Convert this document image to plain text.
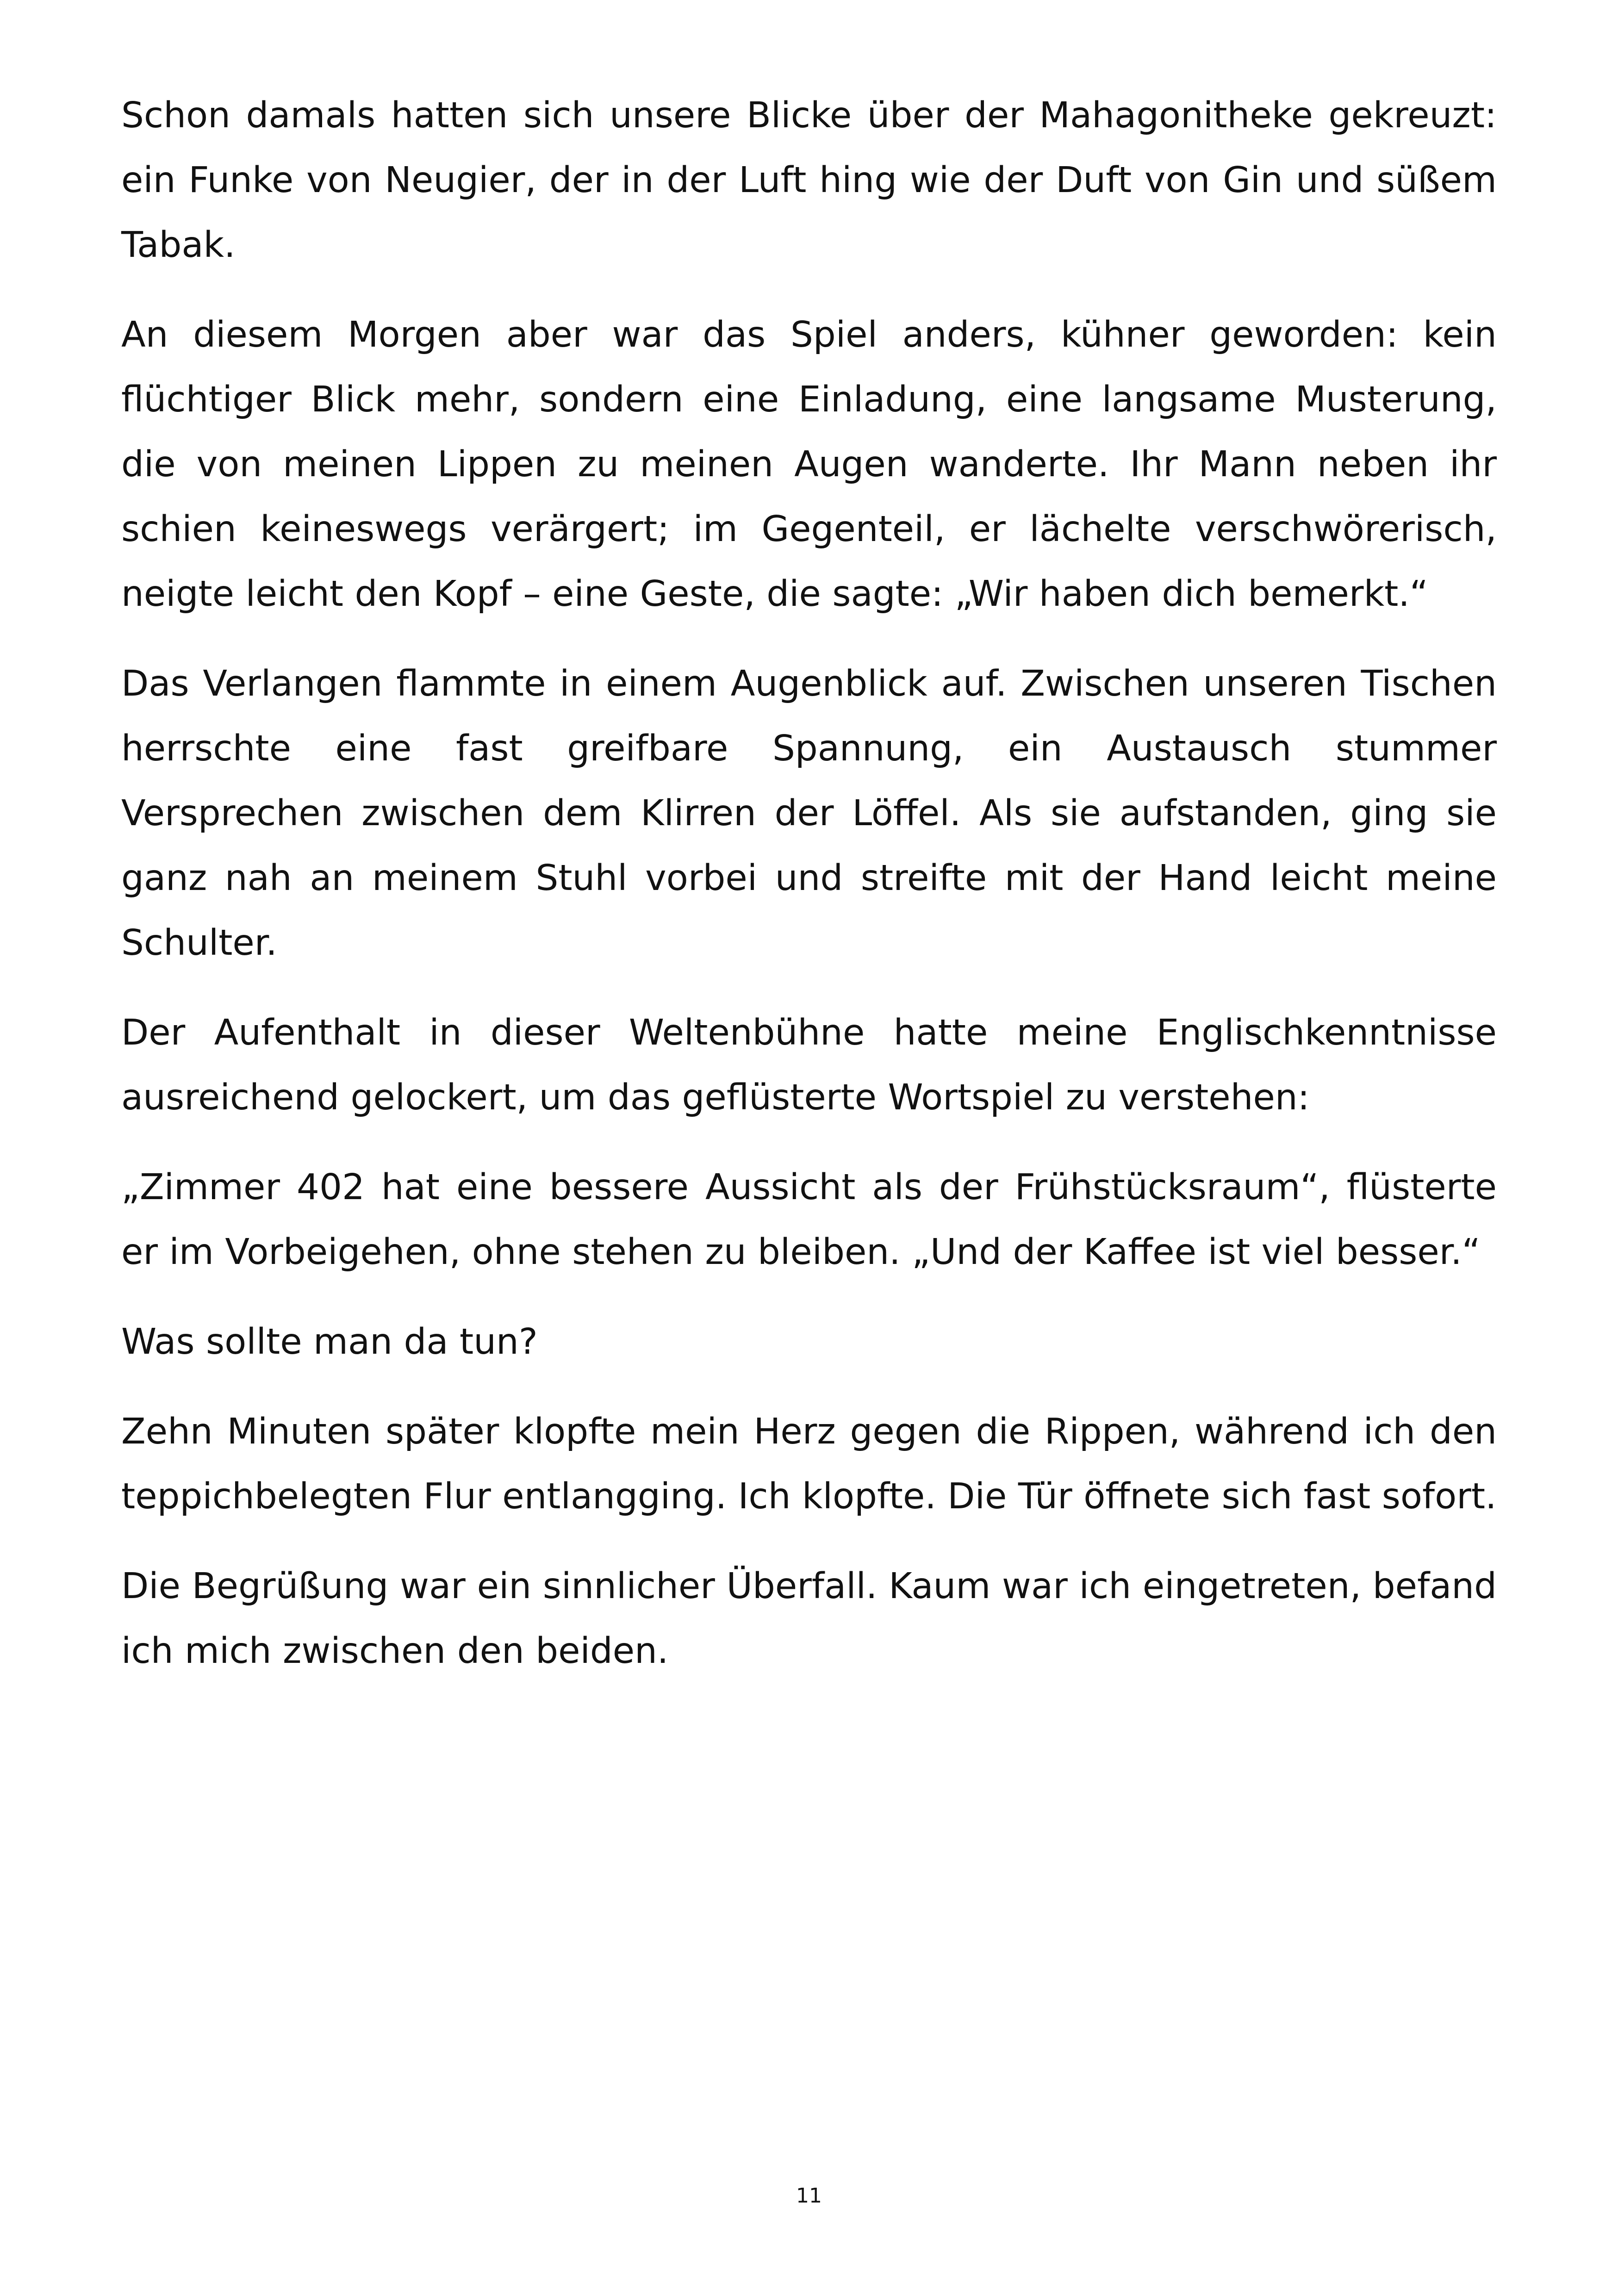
Schon damals hatten sich unsere Blicke über der Mahagonitheke gekreuzt: ein Funke von Neugier, der in der Luft hing wie der Duft von Gin und süßem Tabak.

An diesem Morgen aber war das Spiel anders, kühner geworden: kein flüchtiger Blick mehr, sondern eine Einladung, eine langsame Musterung, die von meinen Lippen zu meinen Augen wanderte. Ihr Mann neben ihr schien keineswegs verärgert; im Gegenteil, er lächelte verschwörerisch, neigte leicht den Kopf – eine Geste, die sagte: „Wir haben dich bemerkt.“

Das Verlangen flammte in einem Augenblick auf. Zwischen unseren Tischen herrschte eine fast greifbare Spannung, ein Austausch stummer Versprechen zwischen dem Klirren der Löffel. Als sie aufstanden, ging sie ganz nah an meinem Stuhl vorbei und streifte mit der Hand leicht meine Schulter.

Der Aufenthalt in dieser Weltenbühne hatte meine Englischkenntnisse ausreichend gelockert, um das geflüsterte Wortspiel zu verstehen:

„Zimmer 402 hat eine bessere Aussicht als der Frühstücksraum“, flüsterte er im Vorbeigehen, ohne stehen zu bleiben. „Und der Kaffee ist viel besser.“

Was sollte man da tun?

Zehn Minuten später klopfte mein Herz gegen die Rippen, während ich den teppichbelegten Flur entlangging. Ich klopfte. Die Tür öffnete sich fast sofort.

Die Begrüßung war ein sinnlicher Überfall. Kaum war ich eingetreten, befand ich mich zwischen den beiden.

11
